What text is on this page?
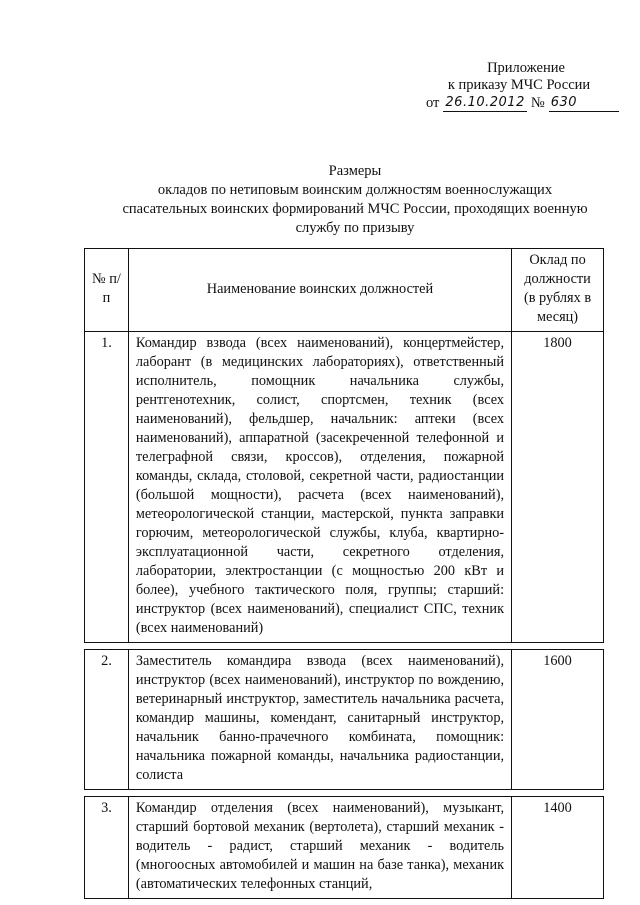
Приложение
к приказу МЧС России
от 26.10.2012 № 630
Размеры
окладов по нетиповым воинским должностям военнослужащих
спасательных воинских формирований МЧС России, проходящих военную
службу по призыву
№ п/п	Наименование воинских должностей	Оклад по должности (в рублях в месяц)
1.	Командир взвода (всех наименований), концертмейстер, лаборант (в медицинских лабораториях), ответственный исполнитель, помощник начальника службы, рентгенотехник, солист, спортсмен, техник (всех наименований), фельдшер, начальник: аптеки (всех наименований), аппаратной (засекреченной телефонной и телеграфной связи, кроссов), отделения, пожарной команды, склада, столовой, секретной части, радиостанции (большой мощности), расчета (всех наименований), метеорологической станции, мастерской, пункта заправки горючим, метеорологической службы, клуба, квартирно-эксплуатационной части, секретного отделения, лаборатории, электростанции (с мощностью 200 кВт и более), учебного тактического поля, группы; старший: инструктор (всех наименований), специалист СПС, техник (всех наименований)	1800

2.	Заместитель командира взвода (всех наименований), инструктор (всех наименований), инструктор по вождению, ветеринарный инструктор, заместитель начальника расчета, командир машины, комендант, санитарный инструктор, начальник банно-прачечного комбината, помощник: начальника пожарной команды, начальника радиостанции, солиста	1600

3.	Командир отделения (всех наименований), музыкант, старший бортовой механик (вертолета), старший механик - водитель - радист, старший механик - водитель (многоосных автомобилей и машин на базе танка), механик (автоматических телефонных станций,	1400
